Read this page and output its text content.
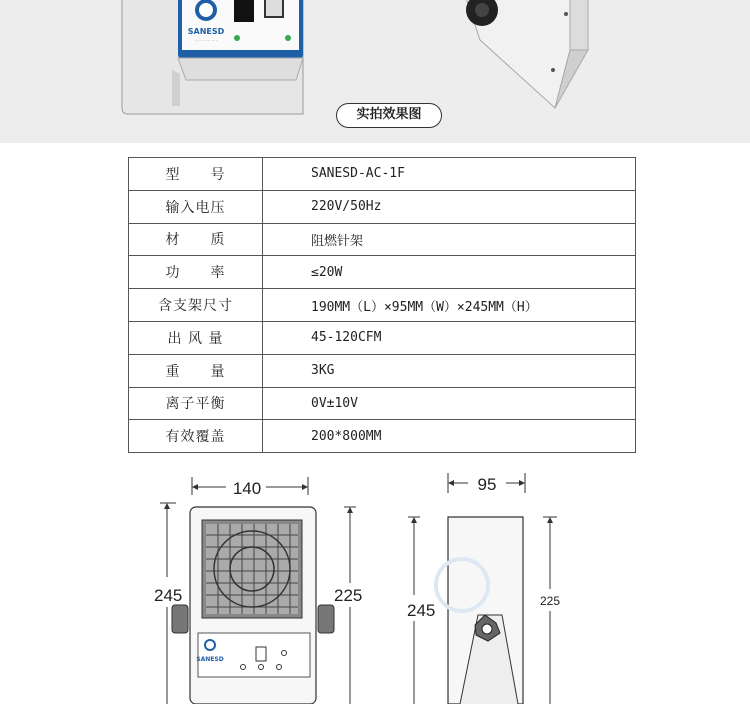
SANESD
· · · · · · · · ·
实拍效果图
型　　号	SANESD-AC-1F
输入电压	220V/50Hz
材　　质	阻燃针架
功　　率	≤20W
含支架尺寸	190MM（L）×95MM（W）×245MM（H）
出 风 量	45-120CFM
重　　量	3KG
离子平衡	0V±10V
有效覆盖	200*800MM
140
245
SANESD
225
95
245	225
